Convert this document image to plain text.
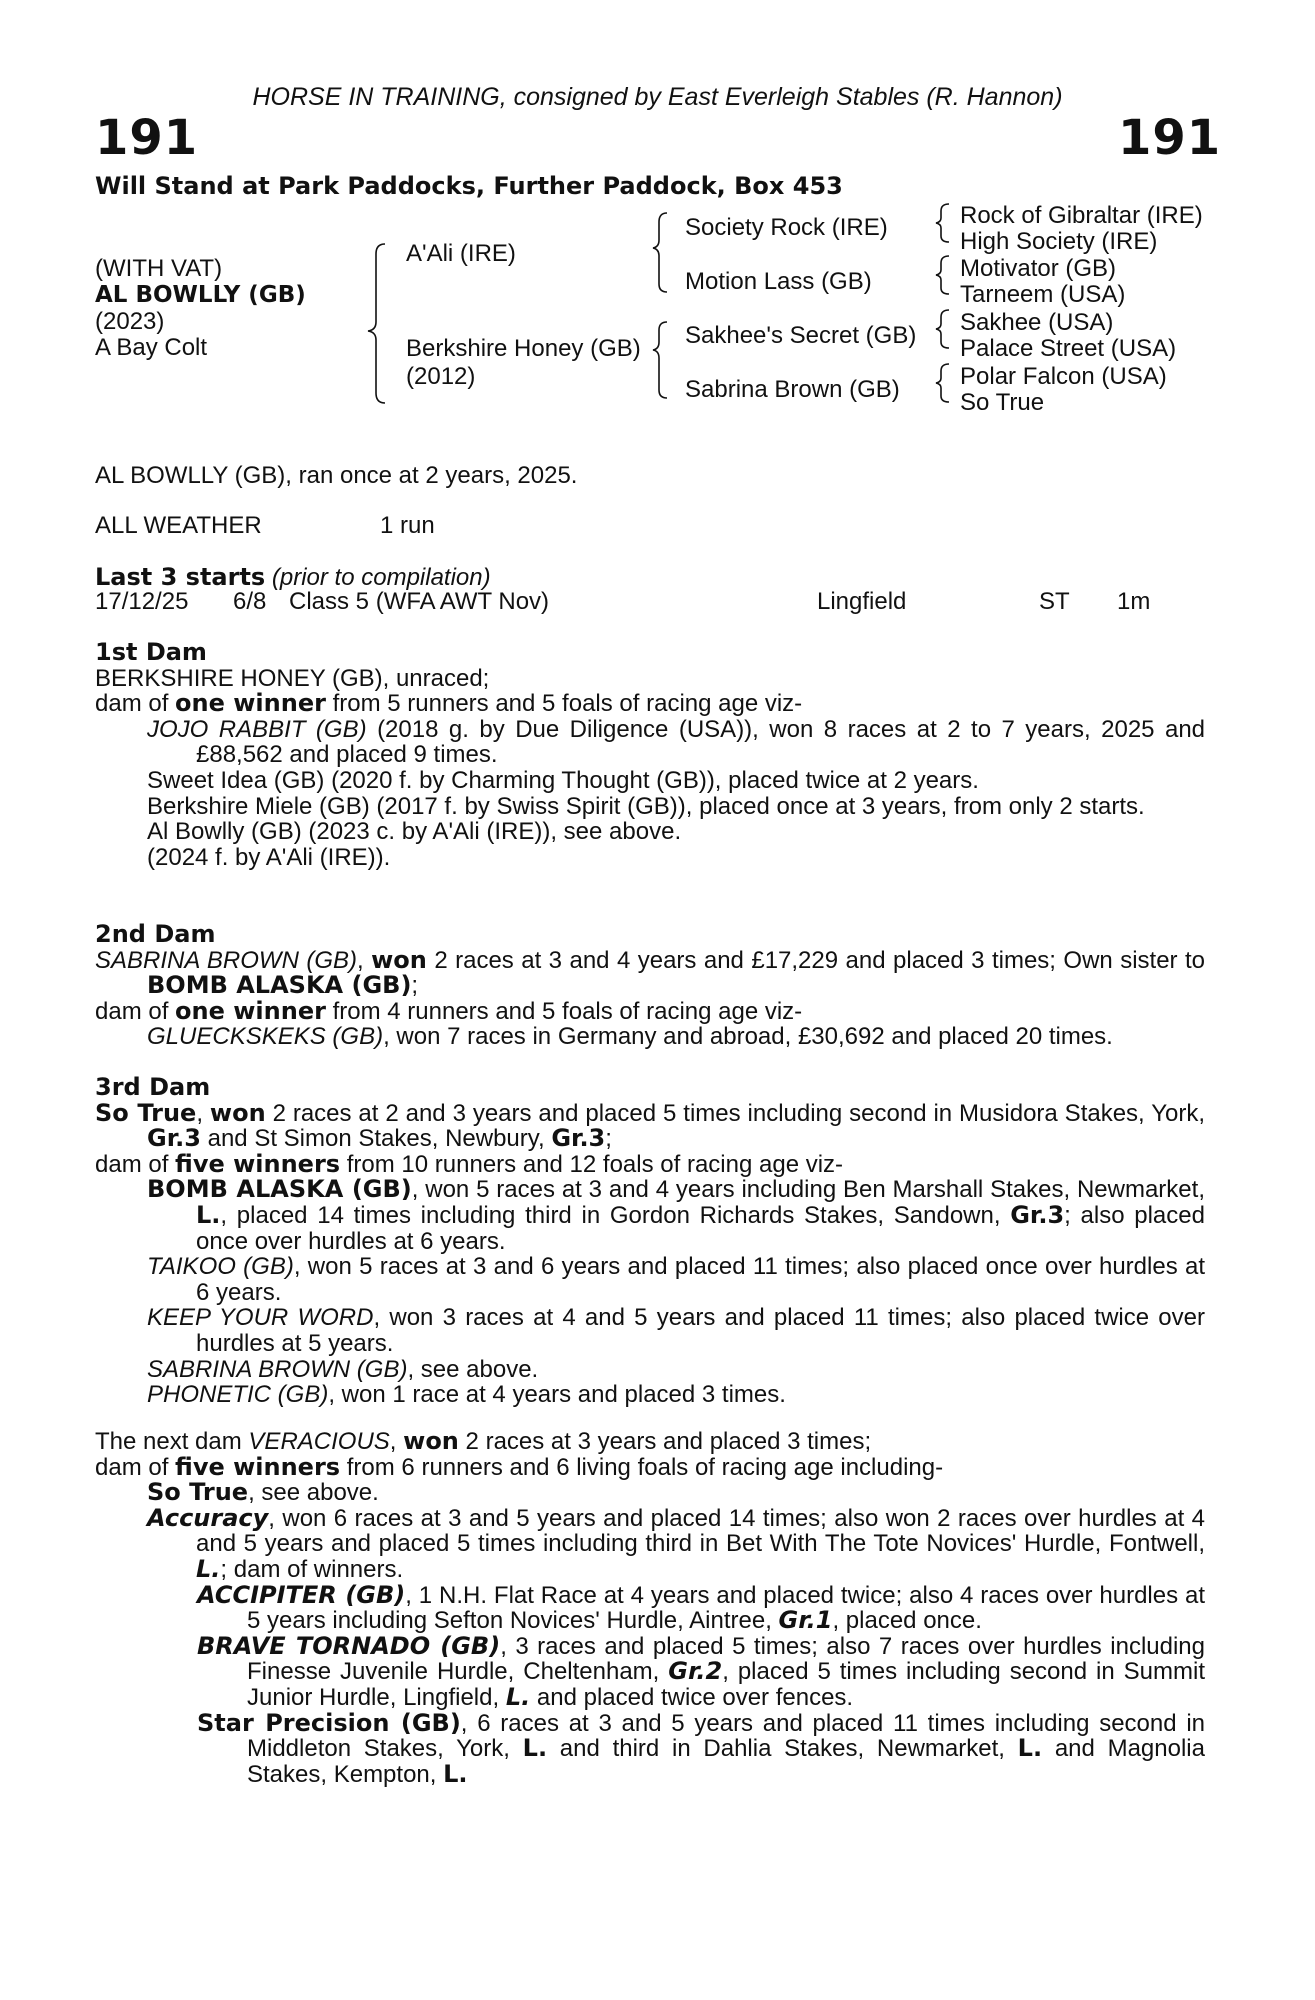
HORSE IN TRAINING, consigned by East Everleigh Stables (R. Hannon)
191	191
Will Stand at Park Paddocks, Further Paddock, Box 453
(WITH VAT)
AL BOWLLY (GB)
(2023)
A Bay Colt
A'Ali (IRE)
Berkshire Honey (GB)
(2012)
Society Rock (IRE)
Motion Lass (GB)
Sakhee's Secret (GB)
Sabrina Brown (GB)
Rock of Gibraltar (IRE)
High Society (IRE)
Motivator (GB)
Tarneem (USA)
Sakhee (USA)
Palace Street (USA)
Polar Falcon (USA)
So True
AL BOWLLY (GB), ran once at 2 years, 2025.
ALL WEATHER	1 run
Last 3 starts (prior to compilation)
17/12/25 6/8 Class 5 (WFA AWT Nov)	Lingfield	ST 1m

1st Dam

BERKSHIRE HONEY (GB), unraced;

dam of one winner from 5 runners and 5 foals of racing age viz-

JOJO RABBIT (GB) (2018 g. by Due Diligence (USA)), won 8 races at 2 to 7 years, 2025 and £88,562 and placed 9 times.

Sweet Idea (GB) (2020 f. by Charming Thought (GB)), placed twice at 2 years.

Berkshire Miele (GB) (2017 f. by Swiss Spirit (GB)), placed once at 3 years, from only 2 starts.

Al Bowlly (GB) (2023 c. by A'Ali (IRE)), see above.

(2024 f. by A'Ali (IRE)).

2nd Dam

SABRINA BROWN (GB), won 2 races at 3 and 4 years and £17,229 and placed 3 times; Own sister to BOMB ALASKA (GB);

dam of one winner from 4 runners and 5 foals of racing age viz-

GLUECKSKEKS (GB), won 7 races in Germany and abroad, £30,692 and placed 20 times.

3rd Dam

So True, won 2 races at 2 and 3 years and placed 5 times including second in Musidora Stakes, York, Gr.3 and St Simon Stakes, Newbury, Gr.3;

dam of five winners from 10 runners and 12 foals of racing age viz-

BOMB ALASKA (GB), won 5 races at 3 and 4 years including Ben Marshall Stakes, Newmarket, L., placed 14 times including third in Gordon Richards Stakes, Sandown, Gr.3; also placed once over hurdles at 6 years.

TAIKOO (GB), won 5 races at 3 and 6 years and placed 11 times; also placed once over hurdles at 6 years.

KEEP YOUR WORD, won 3 races at 4 and 5 years and placed 11 times; also placed twice over hurdles at 5 years.

SABRINA BROWN (GB), see above.

PHONETIC (GB), won 1 race at 4 years and placed 3 times.

The next dam VERACIOUS, won 2 races at 3 years and placed 3 times;

dam of five winners from 6 runners and 6 living foals of racing age including-

So True, see above.

Accuracy, won 6 races at 3 and 5 years and placed 14 times; also won 2 races over hurdles at 4 and 5 years and placed 5 times including third in Bet With The Tote Novices' Hurdle, Fontwell, L.; dam of winners.

ACCIPITER (GB), 1 N.H. Flat Race at 4 years and placed twice; also 4 races over hurdles at 5 years including Sefton Novices' Hurdle, Aintree, Gr.1, placed once.

BRAVE TORNADO (GB), 3 races and placed 5 times; also 7 races over hurdles including Finesse Juvenile Hurdle, Cheltenham, Gr.2, placed 5 times including second in Summit Junior Hurdle, Lingfield, L. and placed twice over fences.

Star Precision (GB), 6 races at 3 and 5 years and placed 11 times including second in Middleton Stakes, York, L. and third in Dahlia Stakes, Newmarket, L. and Magnolia Stakes, Kempton, L.
